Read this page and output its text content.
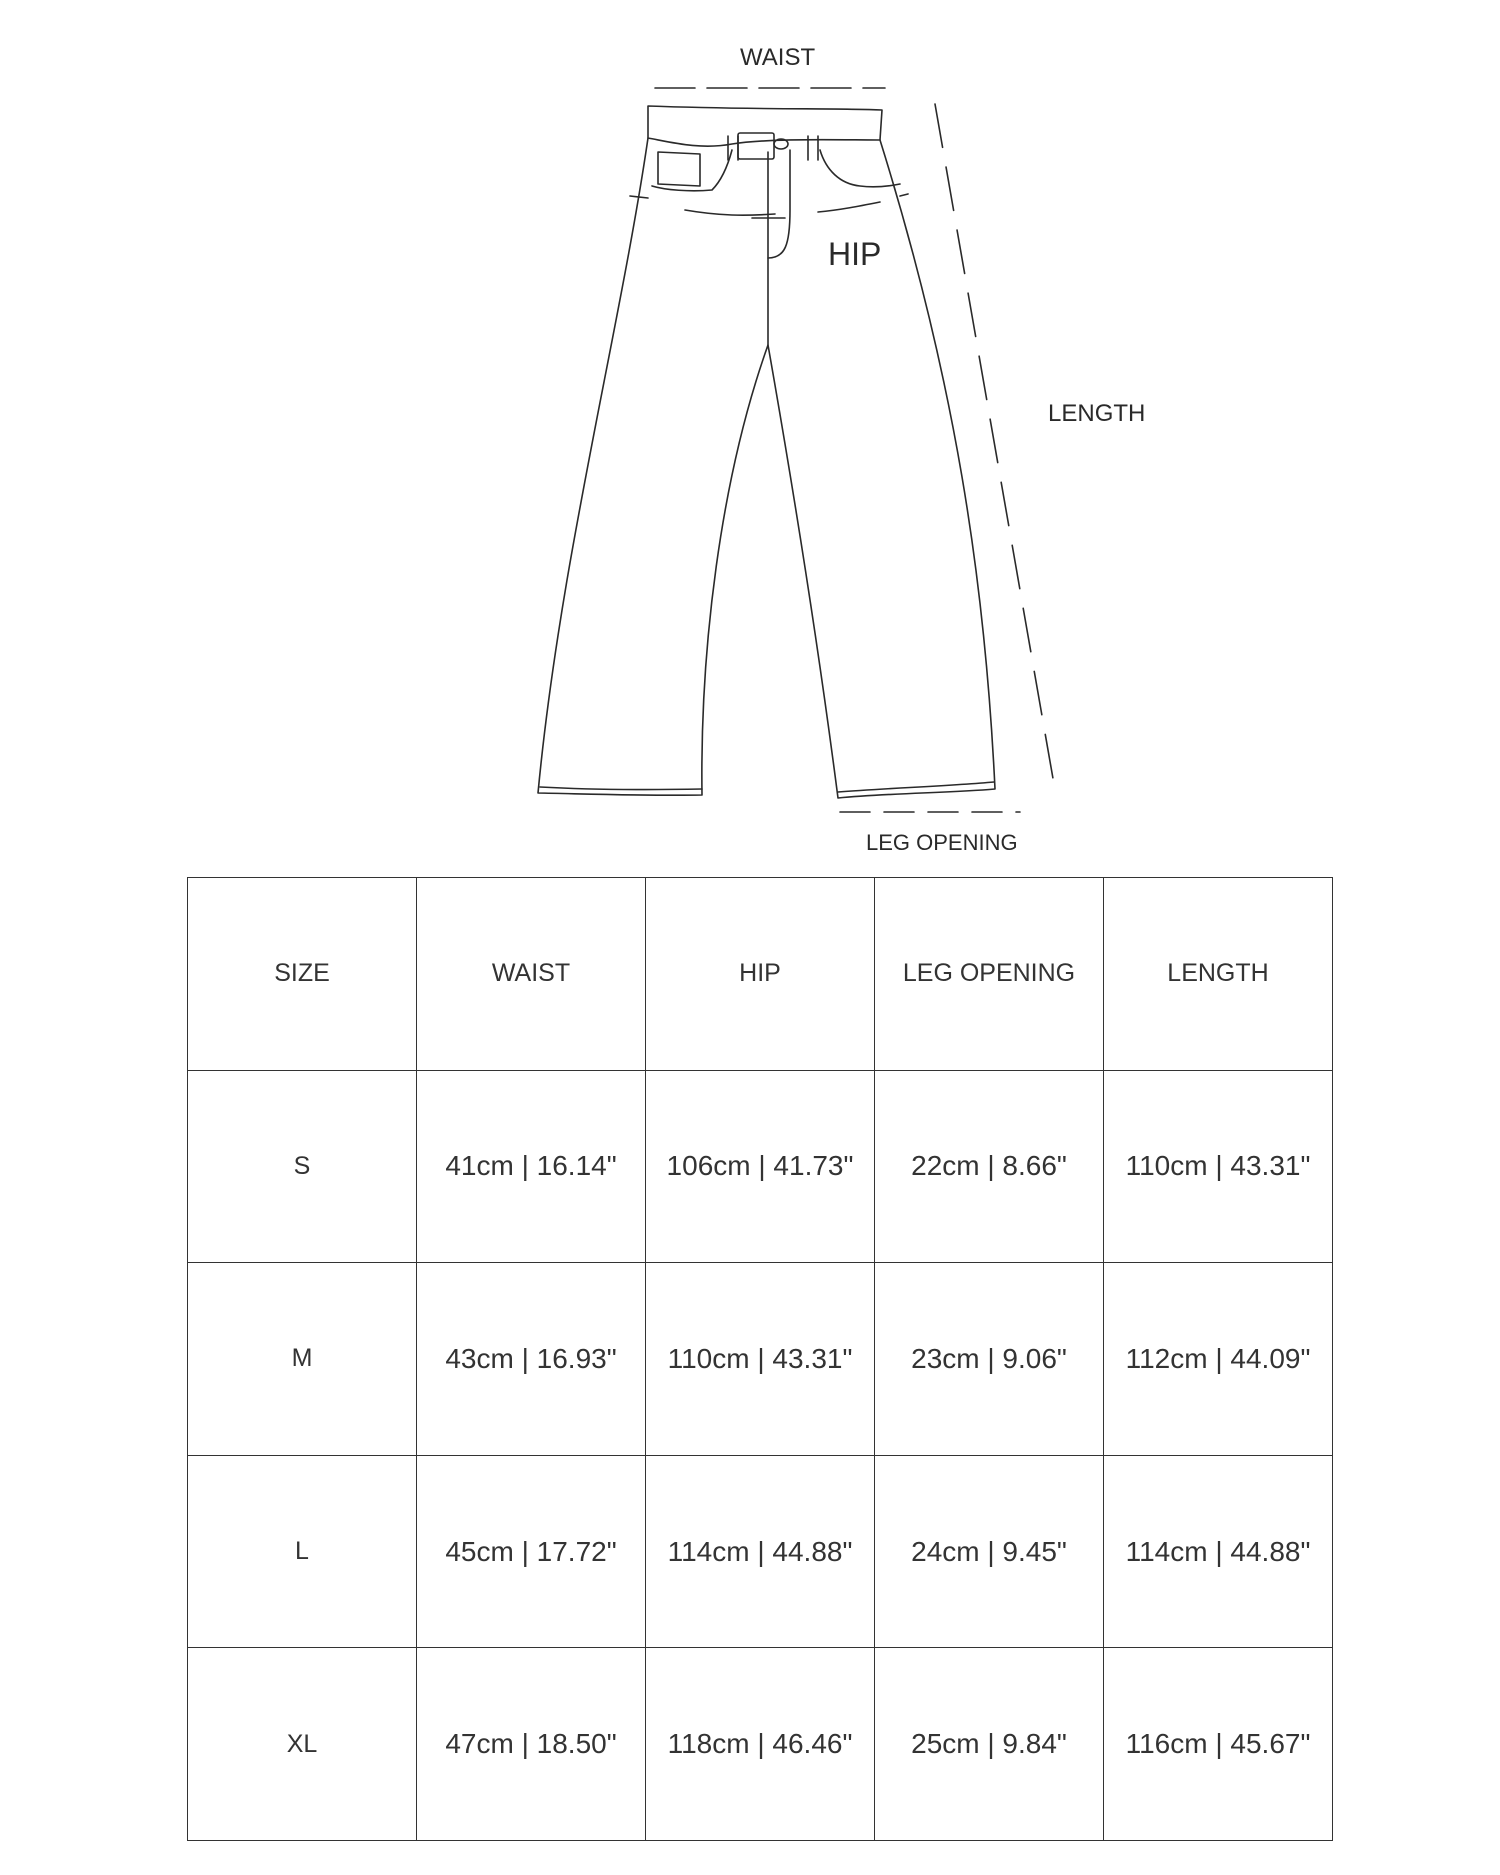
WAIST
HIP
LENGTH
LEG OPENING
SIZE	WAIST	HIP	LEG OPENING	LENGTH
S	41cm | 16.14"	106cm | 41.73"	22cm | 8.66"	110cm | 43.31"
M	43cm | 16.93"	110cm | 43.31"	23cm | 9.06"	112cm | 44.09"
L	45cm | 17.72"	114cm | 44.88"	24cm | 9.45"	114cm | 44.88"
XL	47cm | 18.50"	118cm | 46.46"	25cm | 9.84"	116cm | 45.67"
